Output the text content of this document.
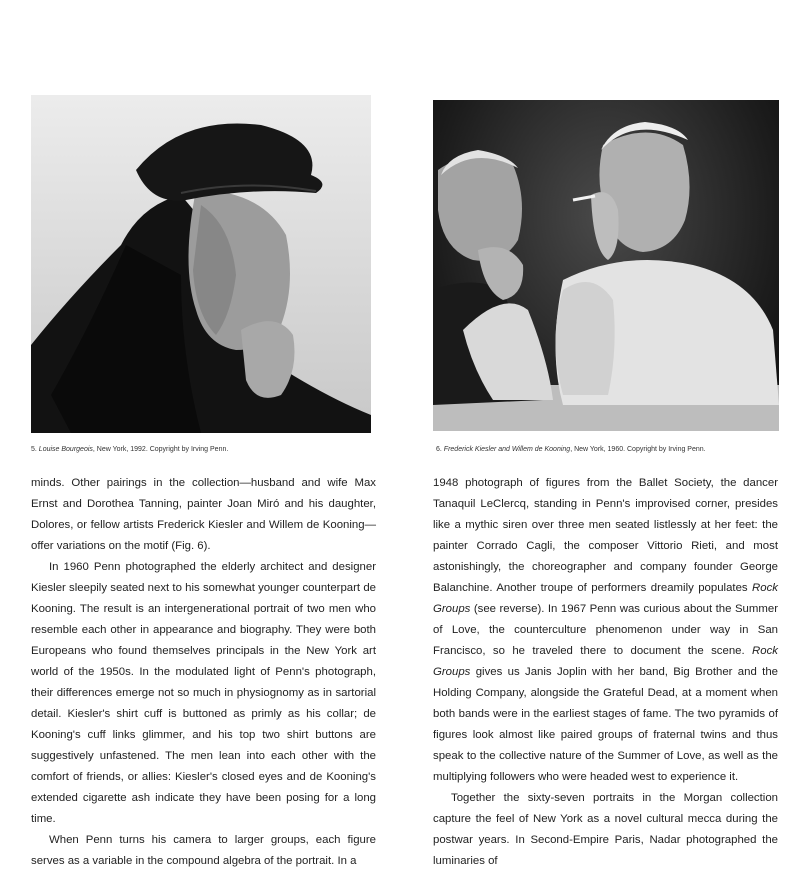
5. Louise Bourgeois, New York, 1992. Copyright by Irving Penn.	6. Frederick Kiesler and Willem de Kooning, New York, 1960. Copyright by Irving Penn.

minds. Other pairings in the collection—husband and wife Max Ernst and Dorothea Tanning, painter Joan Miró and his daughter, Dolores, or fellow artists Frederick Kiesler and Willem de Kooning—offer variations on the motif (Fig. 6).

In 1960 Penn photographed the elderly architect and designer Kiesler sleepily seated next to his somewhat younger counterpart de Kooning. The result is an intergenerational portrait of two men who resemble each other in appearance and biography. They were both Europeans who found themselves principals in the New York art world of the 1950s. In the modulated light of Penn's photograph, their differences emerge not so much in physiognomy as in sartorial detail. Kiesler's shirt cuff is buttoned as primly as his collar; de Kooning's cuff links glimmer, and his top two shirt buttons are suggestively unfastened. The men lean into each other with the comfort of friends, or allies: Kiesler's closed eyes and de Kooning's extended cigarette ash indicate they have been posing for a long time.

When Penn turns his camera to larger groups, each figure serves as a variable in the compound algebra of the portrait. In a

1948 photograph of figures from the Ballet Society, the dancer Tanaquil LeClercq, standing in Penn's improvised corner, presides like a mythic siren over three men seated listlessly at her feet: the painter Corrado Cagli, the composer Vittorio Rieti, and most astonishingly, the choreographer and company founder George Balanchine. Another troupe of performers dreamily populates Rock Groups (see reverse). In 1967 Penn was curious about the Summer of Love, the counterculture phenomenon under way in San Francisco, so he traveled there to document the scene. Rock Groups gives us Janis Joplin with her band, Big Brother and the Holding Company, alongside the Grateful Dead, at a moment when both bands were in the earliest stages of fame. The two pyramids of figures look almost like paired groups of fraternal twins and thus speak to the collective nature of the Summer of Love, as well as the multiplying followers who were headed west to experience it.

Together the sixty-seven portraits in the Morgan collection capture the feel of New York as a novel cultural mecca during the postwar years. In Second-Empire Paris, Nadar photographed the luminaries of
